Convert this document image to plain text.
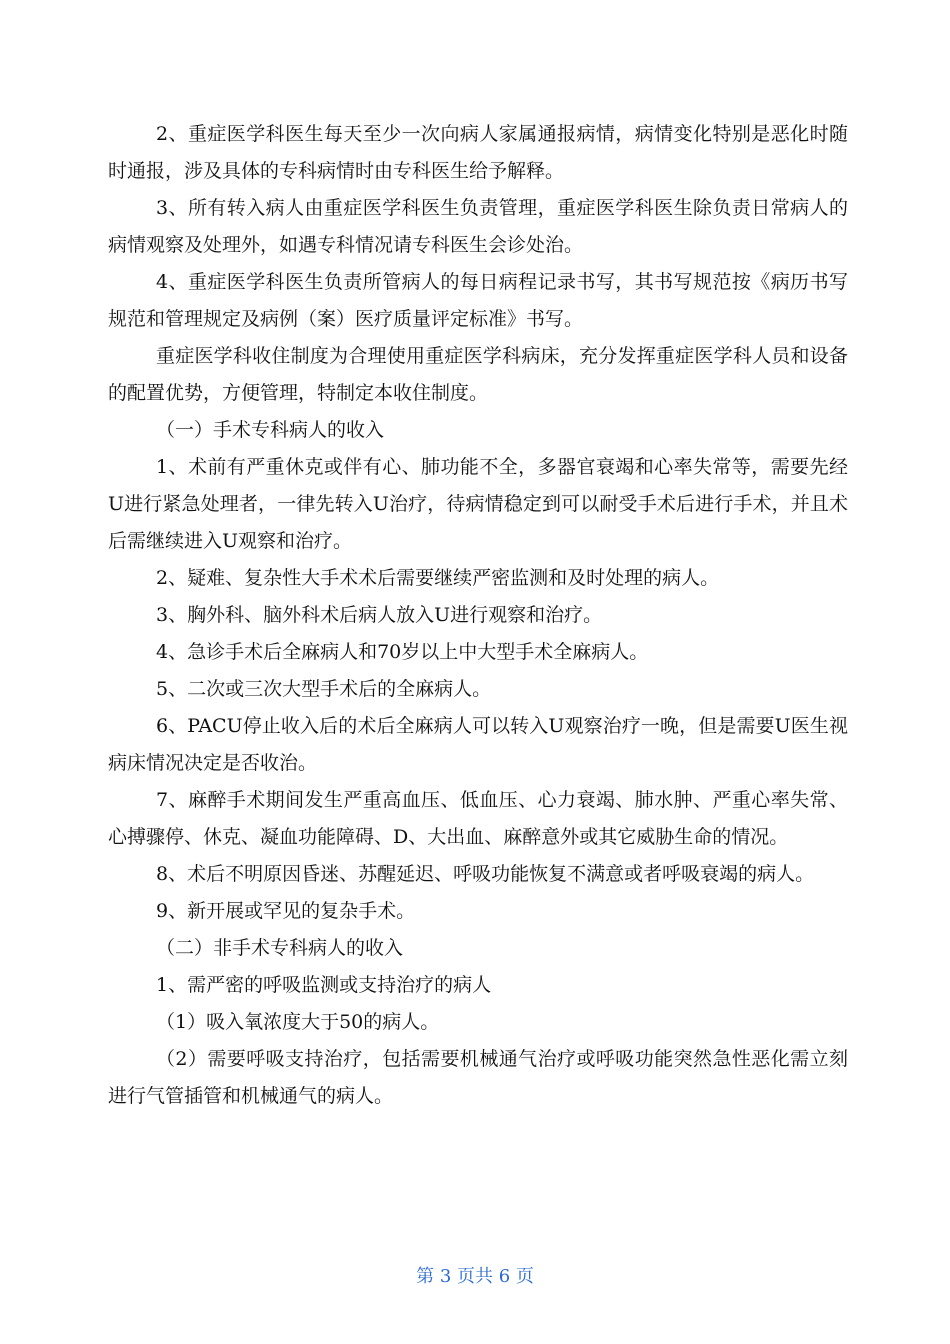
2、重症医学科医生每天至少一次向病人家属通报病情，病情变化特别是恶化时随时通报，涉及具体的专科病情时由专科医生给予解释。

3、所有转入病人由重症医学科医生负责管理，重症医学科医生除负责日常病人的病情观察及处理外，如遇专科情况请专科医生会诊处治。

4、重症医学科医生负责所管病人的每日病程记录书写，其书写规范按《病历书写规范和管理规定及病例（案）医疗质量评定标准》书写。

重症医学科收住制度为合理使用重症医学科病床，充分发挥重症医学科人员和设备的配置优势，方便管理，特制定本收住制度。

（一）手术专科病人的收入

1、术前有严重休克或伴有心、肺功能不全，多器官衰竭和心率失常等，需要先经U进行紧急处理者，一律先转入U治疗，待病情稳定到可以耐受手术后进行手术，并且术后需继续进入U观察和治疗。

2、疑难、复杂性大手术术后需要继续严密监测和及时处理的病人。

3、胸外科、脑外科术后病人放入U进行观察和治疗。

4、急诊手术后全麻病人和70岁以上中大型手术全麻病人。

5、二次或三次大型手术后的全麻病人。

6、PACU停止收入后的术后全麻病人可以转入U观察治疗一晚，但是需要U医生视病床情况决定是否收治。

7、麻醉手术期间发生严重高血压、低血压、心力衰竭、肺水肿、严重心率失常、心搏骤停、休克、凝血功能障碍、D、大出血、麻醉意外或其它威胁生命的情况。

8、术后不明原因昏迷、苏醒延迟、呼吸功能恢复不满意或者呼吸衰竭的病人。

9、新开展或罕见的复杂手术。

（二）非手术专科病人的收入

1、需严密的呼吸监测或支持治疗的病人

（1）吸入氧浓度大于50的病人。

（2）需要呼吸支持治疗，包括需要机械通气治疗或呼吸功能突然急性恶化需立刻进行气管插管和机械通气的病人。

第 3 页共 6 页
